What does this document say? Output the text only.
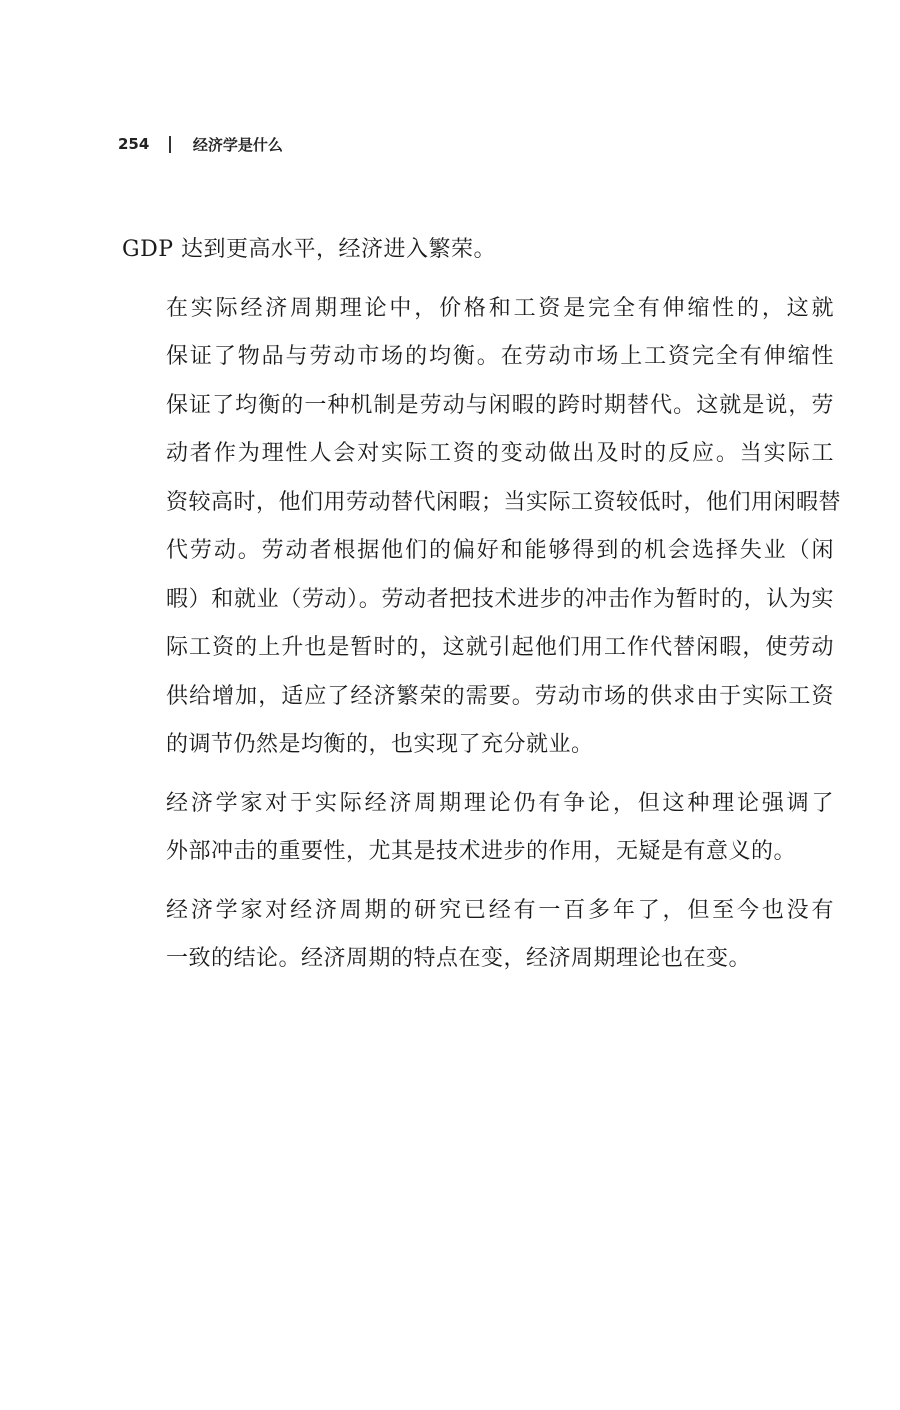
254	经济学是什么

GDP 达到更高水平，经济进入繁荣。

在实际经济周期理论中，价格和工资是完全有伸缩性的，这就
保证了物品与劳动市场的均衡。在劳动市场上工资完全有伸缩性
保证了均衡的一种机制是劳动与闲暇的跨时期替代。这就是说，劳
动者作为理性人会对实际工资的变动做出及时的反应。当实际工
资较高时，他们用劳动替代闲暇；当实际工资较低时，他们用闲暇替
代劳动。劳动者根据他们的偏好和能够得到的机会选择失业（闲
暇）和就业（劳动）。劳动者把技术进步的冲击作为暂时的，认为实
际工资的上升也是暂时的，这就引起他们用工作代替闲暇，使劳动
供给增加，适应了经济繁荣的需要。劳动市场的供求由于实际工资
的调节仍然是均衡的，也实现了充分就业。

经济学家对于实际经济周期理论仍有争论，但这种理论强调了
外部冲击的重要性，尤其是技术进步的作用，无疑是有意义的。

经济学家对经济周期的研究已经有一百多年了，但至今也没有
一致的结论。经济周期的特点在变，经济周期理论也在变。
